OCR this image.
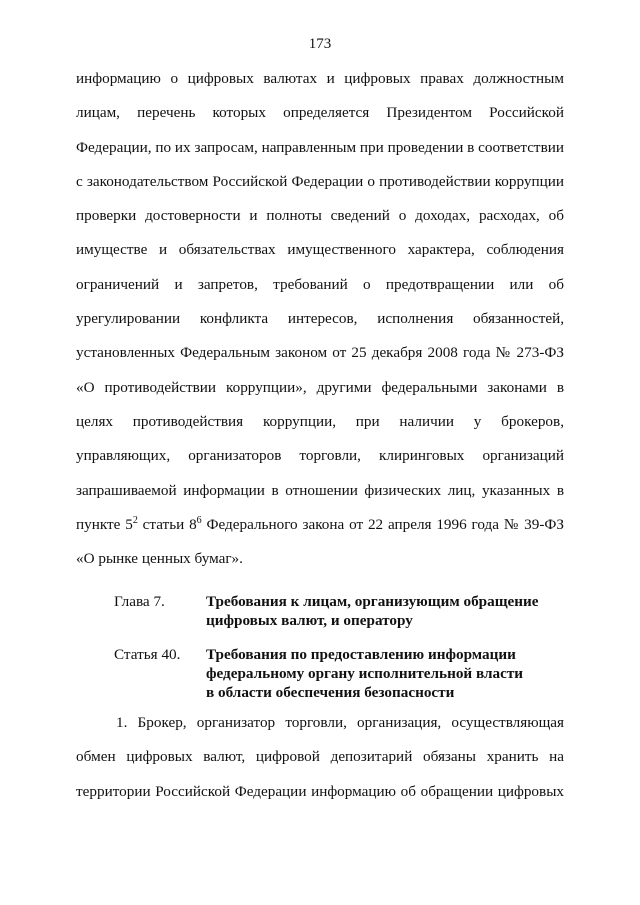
173
информацию о цифровых валютах и цифровых правах должностным
лицам, перечень которых определяется Президентом Российской
Федерации, по их запросам, направленным при проведении в соответствии
с законодательством Российской Федерации о противодействии коррупции
проверки достоверности и полноты сведений о доходах, расходах, об
имуществе и обязательствах имущественного характера, соблюдения
ограничений и запретов, требований о предотвращении или об
урегулировании конфликта интересов, исполнения обязанностей,
установленных Федеральным законом от 25 декабря 2008 года № 273-ФЗ
«О противодействии коррупции», другими федеральными законами в
целях противодействия коррупции, при наличии у брокеров,
управляющих, организаторов торговли, клиринговых организаций
запрашиваемой информации в отношении физических лиц, указанных в
пункте $5^2$ статьи $8^6$ Федерального закона от 22 апреля 1996 года № 39-ФЗ
«О рынке ценных бумаг».
Глава 7.	Требования к лицам, организующим обращение цифровых валют, и оператору
Статья 40.	Требования по предоставлению информации
федеральному органу исполнительной власти
в области обеспечения безопасности
1. Брокер, организатор торговли, организация, осуществляющая
обмен цифровых валют, цифровой депозитарий обязаны хранить на
территории Российской Федерации информацию об обращении цифровых
